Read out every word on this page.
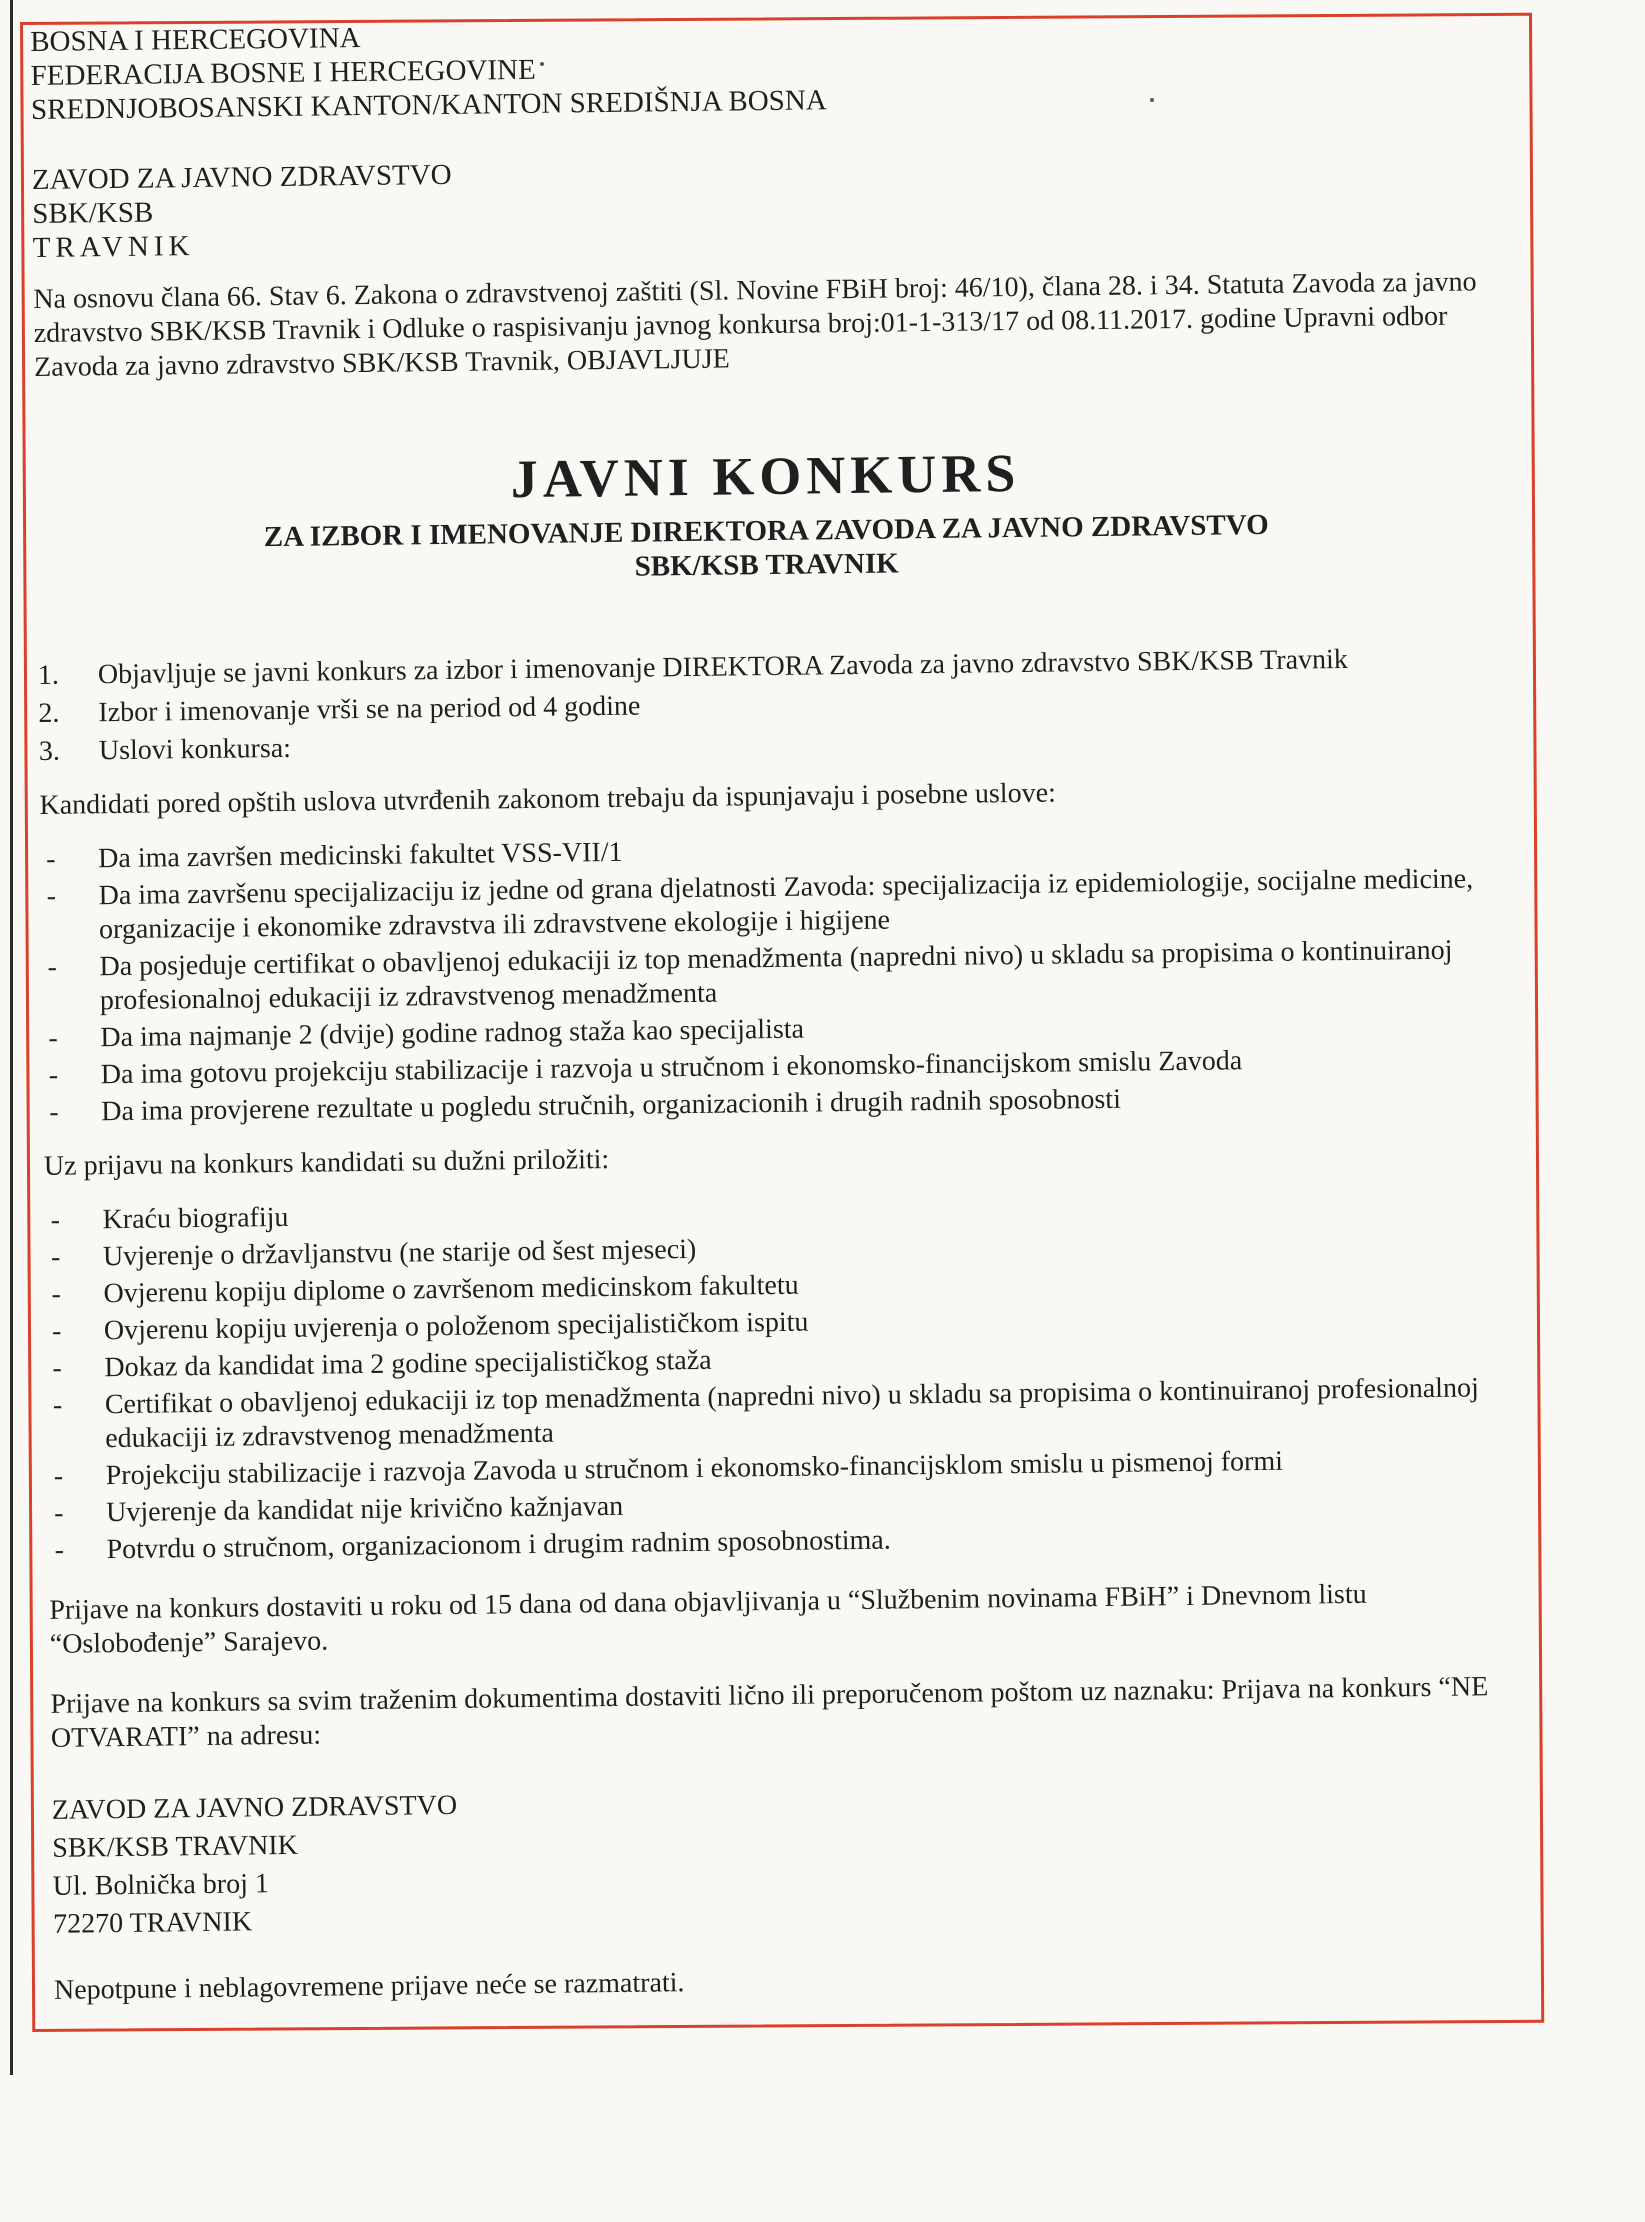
BOSNA I HERCEGOVINA

FEDERACIJA BOSNE I HERCEGOVINE

SREDNJOBOSANSKI KANTON/KANTON SREDIŠNJA BOSNA

ZAVOD ZA JAVNO ZDRAVSTVO

SBK/KSB

TRAVNIK

Na osnovu člana 66. Stav 6. Zakona o zdravstvenoj zaštiti (Sl. Novine FBiH broj: 46/10), člana 28. i 34. Statuta Zavoda za javno zdravstvo SBK/KSB Travnik i Odluke o raspisivanju javnog konkursa broj:01-1-313/17 od 08.11.2017. godine Upravni odbor Zavoda za javno zdravstvo SBK/KSB Travnik, OBJAVLJUJE

JAVNI KONKURS

ZA IZBOR I IMENOVANJE DIREKTORA ZAVODA ZA JAVNO ZDRAVSTVO

SBK/KSB TRAVNIK

1.	Objavljuje se javni konkurs za izbor i imenovanje DIREKTORA Zavoda za javno zdravstvo SBK/KSB Travnik
2.	Izbor i imenovanje vrši se na period od 4 godine
3.	Uslovi konkursa:

Kandidati pored opštih uslova utvrđenih zakonom trebaju da ispunjavaju i posebne uslove:

-	Da ima završen medicinski fakultet VSS-VII/1
-	Da ima završenu specijalizaciju iz jedne od grana djelatnosti Zavoda: specijalizacija iz epidemiologije, socijalne medicine, organizacije i ekonomike zdravstva ili zdravstvene ekologije i higijene
-	Da posjeduje certifikat o obavljenoj edukaciji iz top menadžmenta (napredni nivo) u skladu sa propisima o kontinuiranoj profesionalnoj edukaciji iz zdravstvenog menadžmenta
-	Da ima najmanje 2 (dvije) godine radnog staža kao specijalista
-	Da ima gotovu projekciju stabilizacije i razvoja u stručnom i ekonomsko-financijskom smislu Zavoda
-	Da ima provjerene rezultate u pogledu stručnih, organizacionih i drugih radnih sposobnosti

Uz prijavu na konkurs kandidati su dužni priložiti:

-	Kraću biografiju
-	Uvjerenje o državljanstvu (ne starije od šest mjeseci)
-	Ovjerenu kopiju diplome o završenom medicinskom fakultetu
-	Ovjerenu kopiju uvjerenja o položenom specijalističkom ispitu
-	Dokaz da kandidat ima 2 godine specijalističkog staža
-	Certifikat o obavljenoj edukaciji iz top menadžmenta (napredni nivo) u skladu sa propisima o kontinuiranoj profesionalnoj edukaciji iz zdravstvenog menadžmenta
-	Projekciju stabilizacije i razvoja Zavoda u stručnom i ekonomsko-financijsklom smislu u pismenoj formi
-	Uvjerenje da kandidat nije krivično kažnjavan
-	Potvrdu o stručnom, organizacionom i drugim radnim sposobnostima.

Prijave na konkurs dostaviti u roku od 15 dana od dana objavljivanja u “Službenim novinama FBiH” i Dnevnom listu “Oslobođenje” Sarajevo.

Prijave na konkurs sa svim traženim dokumentima dostaviti lično ili preporučenom poštom uz naznaku: Prijava na konkurs “NE OTVARATI” na adresu:

ZAVOD ZA JAVNO ZDRAVSTVO

SBK/KSB TRAVNIK

Ul. Bolnička broj 1

72270 TRAVNIK

Nepotpune i neblagovremene prijave neće se razmatrati.
